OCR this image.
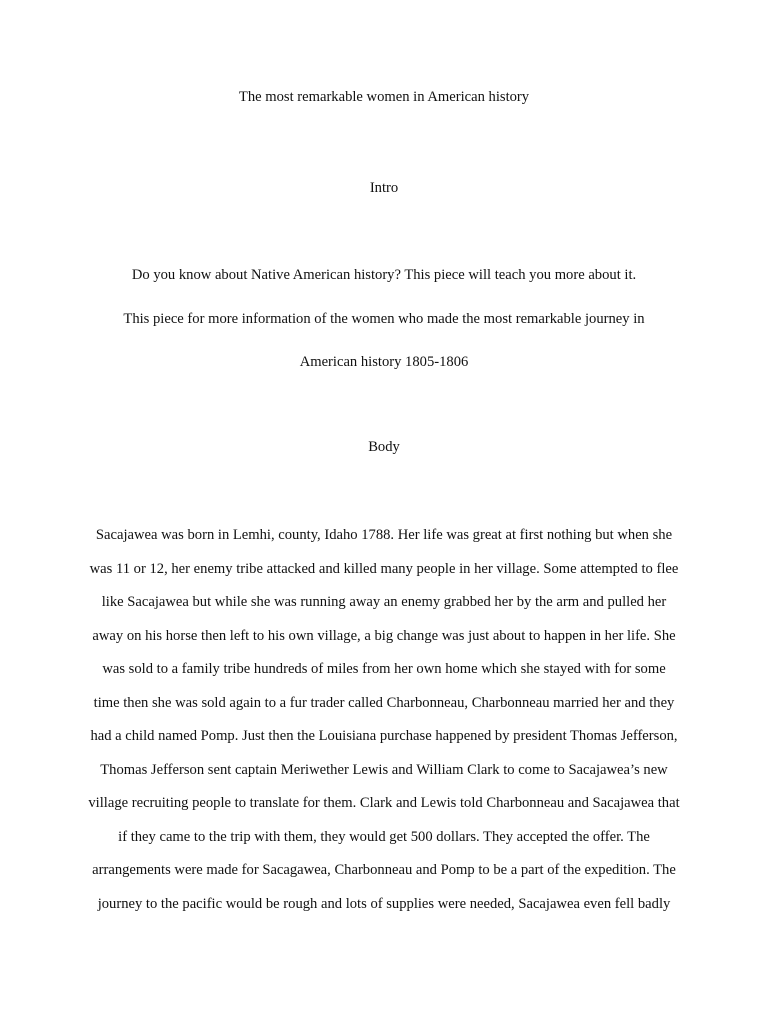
The most remarkable women in American history
Intro
Do you know about Native American history? This piece will teach you more about it.
This piece for more information of the women who made the most remarkable journey in
American history 1805-1806
Body
Sacajawea was born in Lemhi, county, Idaho 1788. Her life was great at first nothing but when she
was 11 or 12, her enemy tribe attacked and killed many people in her village. Some attempted to flee
like Sacajawea but while she was running away an enemy grabbed her by the arm and pulled her
away on his horse then left to his own village, a big change was just about to happen in her life. She
was sold to a family tribe hundreds of miles from her own home which she stayed with for some
time then she was sold again to a fur trader called Charbonneau, Charbonneau married her and they
had a child named Pomp. Just then the Louisiana purchase happened by president Thomas Jefferson,
Thomas Jefferson sent captain Meriwether Lewis and William Clark to come to Sacajawea’s new
village recruiting people to translate for them. Clark and Lewis told Charbonneau and Sacajawea that
if they came to the trip with them, they would get 500 dollars. They accepted the offer. The
arrangements were made for Sacagawea, Charbonneau and Pomp to be a part of the expedition. The
journey to the pacific would be rough and lots of supplies were needed, Sacajawea even fell badly
